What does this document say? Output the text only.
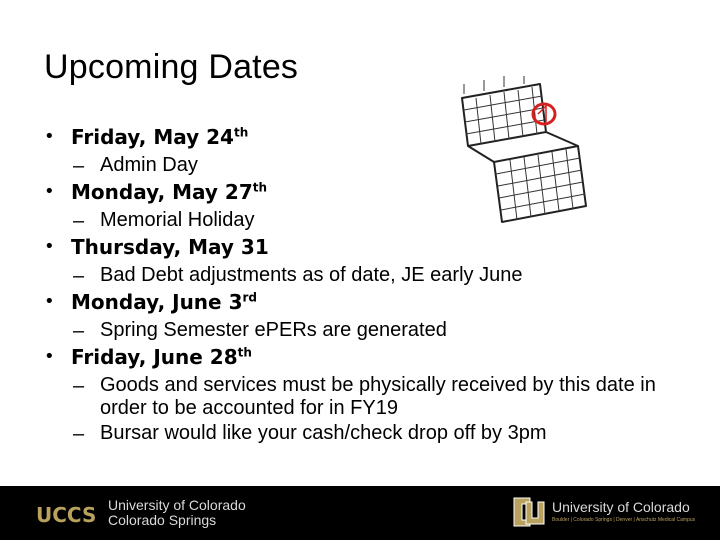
Upcoming Dates
• Friday, May 24th
– Admin Day
• Monday, May 27th
– Memorial Holiday
• Thursday, May 31
– Bad Debt adjustments as of date, JE early June
• Monday, June 3rd
– Spring Semester ePERs are generated
• Friday, June 28th
– Goods and services must be physically received by this date in order to be accounted for in FY19
– Bursar would like your cash/check drop off by 3pm
UCCS University of Colorado
Colorado Springs
University of Colorado
Boulder | Colorado Springs | Denver | Anschutz Medical Campus
